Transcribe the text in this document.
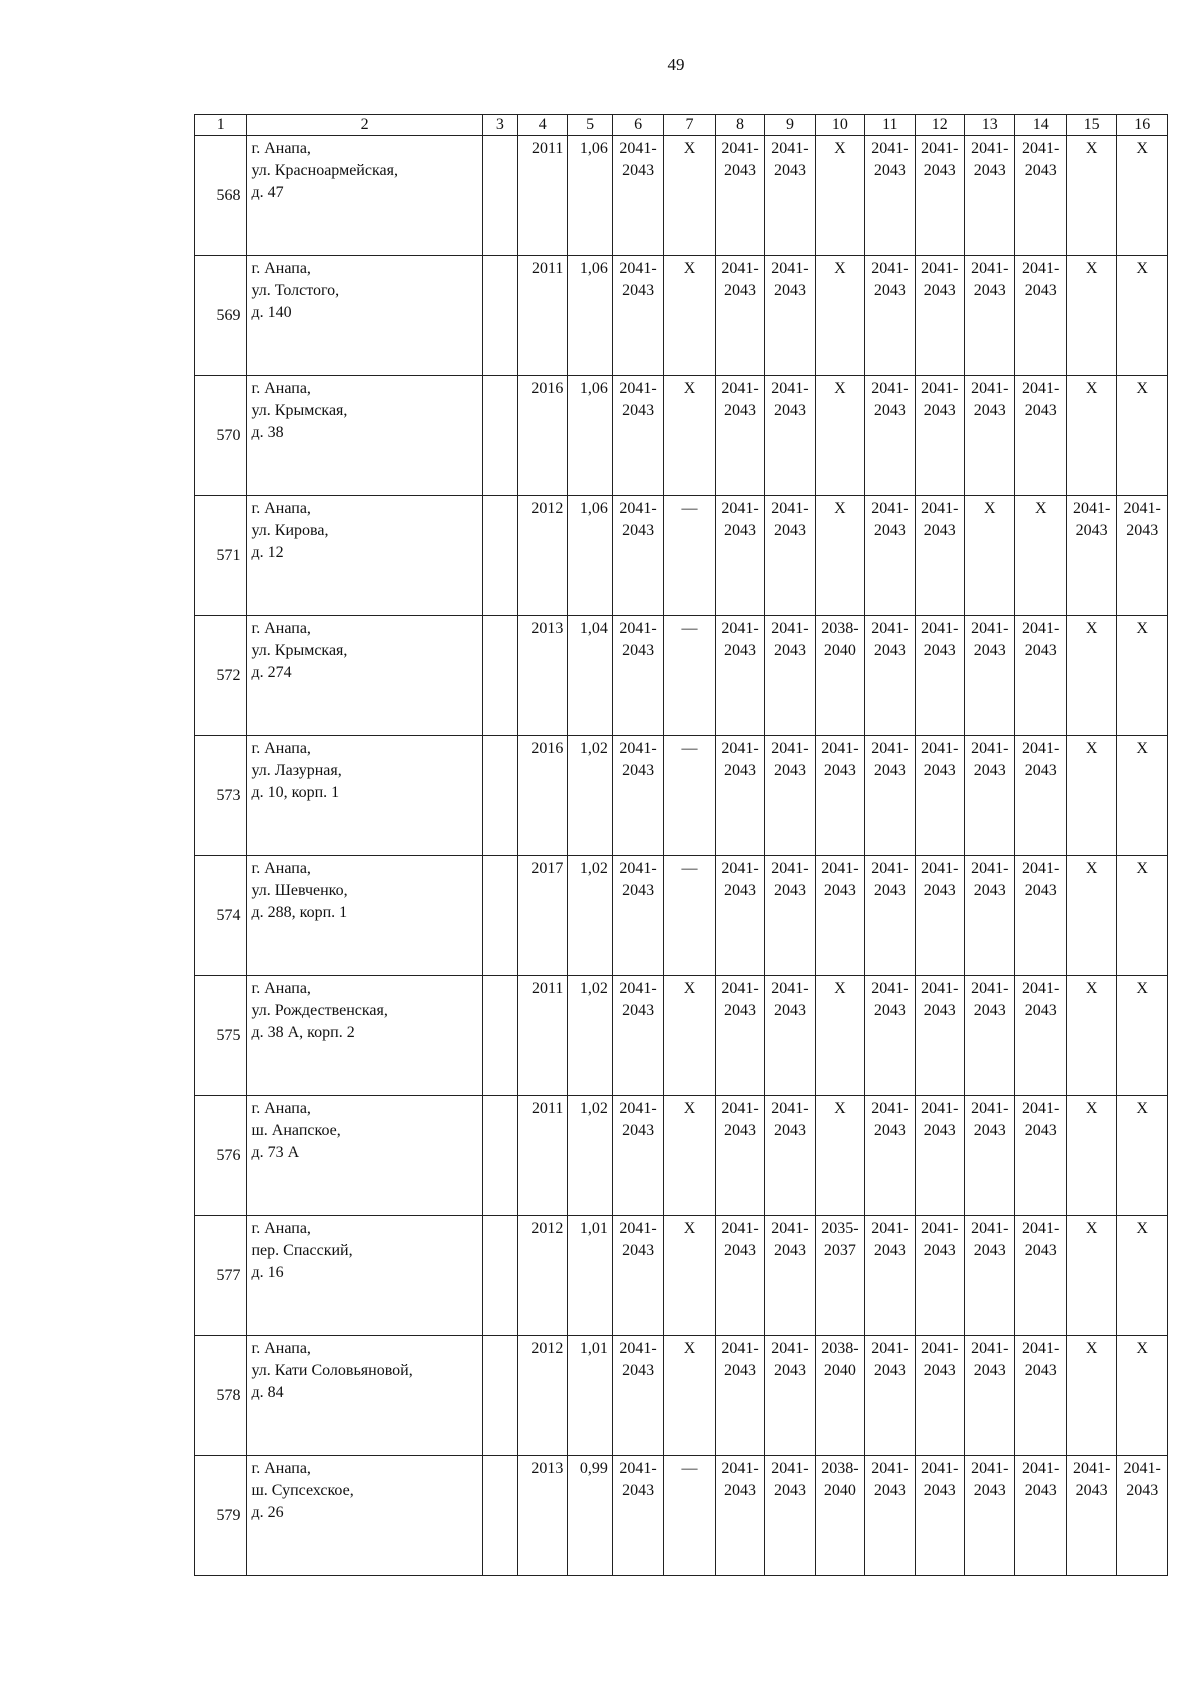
49
1	2	3	4	5	6	7	8	9	10	11	12	13	14	15	16
568	г. Анапа,
ул. Красноармейская,
д. 47		2011	1,06	2041-
2043	X	2041-
2043	2041-
2043	X	2041-
2043	2041-
2043	2041-
2043	2041-
2043	X	X

569	г. Анапа,
ул. Толстого,
д. 140		2011	1,06	2041-
2043	X	2041-
2043	2041-
2043	X	2041-
2043	2041-
2043	2041-
2043	2041-
2043	X	X

570	г. Анапа,
ул. Крымская,
д. 38		2016	1,06	2041-
2043	X	2041-
2043	2041-
2043	X	2041-
2043	2041-
2043	2041-
2043	2041-
2043	X	X

571	г. Анапа,
ул. Кирова,
д. 12		2012	1,06	2041-
2043	—	2041-
2043	2041-
2043	X	2041-
2043	2041-
2043	X	X	2041-
2043	2041-
2043

572	г. Анапа,
ул. Крымская,
д. 274		2013	1,04	2041-
2043	—	2041-
2043	2041-
2043	2038-
2040	2041-
2043	2041-
2043	2041-
2043	2041-
2043	X	X

573	г. Анапа,
ул. Лазурная,
д. 10, корп. 1		2016	1,02	2041-
2043	—	2041-
2043	2041-
2043	2041-
2043	2041-
2043	2041-
2043	2041-
2043	2041-
2043	X	X

574	г. Анапа,
ул. Шевченко,
д. 288, корп. 1		2017	1,02	2041-
2043	—	2041-
2043	2041-
2043	2041-
2043	2041-
2043	2041-
2043	2041-
2043	2041-
2043	X	X

575	г. Анапа,
ул. Рождественская,
д. 38 А, корп. 2		2011	1,02	2041-
2043	X	2041-
2043	2041-
2043	X	2041-
2043	2041-
2043	2041-
2043	2041-
2043	X	X

576	г. Анапа,
ш. Анапское,
д. 73 А		2011	1,02	2041-
2043	X	2041-
2043	2041-
2043	X	2041-
2043	2041-
2043	2041-
2043	2041-
2043	X	X

577	г. Анапа,
пер. Спасский,
д. 16		2012	1,01	2041-
2043	X	2041-
2043	2041-
2043	2035-
2037	2041-
2043	2041-
2043	2041-
2043	2041-
2043	X	X

578	г. Анапа,
ул. Кати Соловьяновой,
д. 84		2012	1,01	2041-
2043	X	2041-
2043	2041-
2043	2038-
2040	2041-
2043	2041-
2043	2041-
2043	2041-
2043	X	X

579	г. Анапа,
ш. Супсехское,
д. 26		2013	0,99	2041-
2043	—	2041-
2043	2041-
2043	2038-
2040	2041-
2043	2041-
2043	2041-
2043	2041-
2043	2041-
2043	2041-
2043
